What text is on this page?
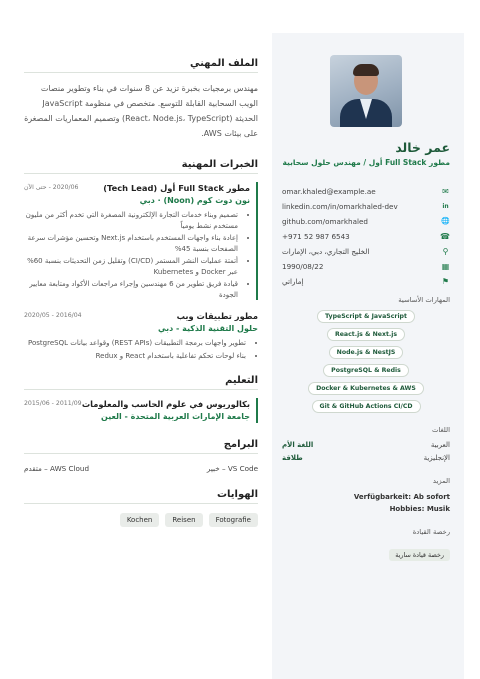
عمر خالد
مطور Full Stack أول / مهندس حلول سحابية
✉
omar.khaled@example.ae
in
linkedin.com/in/omarkhaled-dev
🌐
github.com/omarkhaled
☎
+971 52 987 6543
⚲
الخليج التجاري، دبي، الإمارات
▦
1990/08/22
⚑
إماراتي
المهارات الأساسية
TypeScript & JavaScript
React.js & Next.js
Node.js & NestJS
PostgreSQL & Redis
Docker & Kubernetes & AWS
Git & GitHub Actions CI/CD
اللغات
العربية
اللغة الأم
الإنجليزية
طلاقة
المزيد
Verfügbarkeit: Ab sofort
Hobbies: Musik
رخصة القيادة
رخصة قيادة سارية
الملف المهني

مهندس برمجيات بخبرة تزيد عن 8 سنوات في بناء وتطوير منصات الويب السحابية القابلة للتوسع. متخصص في منظومة JavaScript الحديثة (React، Node.js، TypeScript) وتصميم المعماريات المصغرة على بيئات AWS.

الخبرات المهنية
مطور Full Stack أول (Tech Lead)
2020/06 - حتى الآن
نون دوت كوم (Noon) · دبي
• تصميم وبناء خدمات التجارة الإلكترونية المصغرة التي تخدم أكثر من مليون مستخدم نشط يومياً
• إعادة بناء واجهات المستخدم باستخدام Next.js وتحسين مؤشرات سرعة الصفحات بنسبة 45%
• أتمتة عمليات النشر المستمر (CI/CD) وتقليل زمن التحديثات بنسبة 60% عبر Docker و Kubernetes
• قيادة فريق تطوير من 6 مهندسين وإجراء مراجعات الأكواد ومتابعة معايير الجودة
مطور تطبيقات ويب
2016/04 - 2020/05
حلول التقنية الذكية - دبي
• تطوير واجهات برمجة التطبيقات (REST APIs) وقواعد بيانات PostgreSQL
• بناء لوحات تحكم تفاعلية باستخدام React و Redux
التعليم
بكالوريوس في علوم الحاسب والمعلومات
2011/09 - 2015/06
جامعة الإمارات العربية المتحدة - العين
البرامج
VS Code – خبير
AWS Cloud – متقدم
الهوايات
Fotografie
Reisen
Kochen
